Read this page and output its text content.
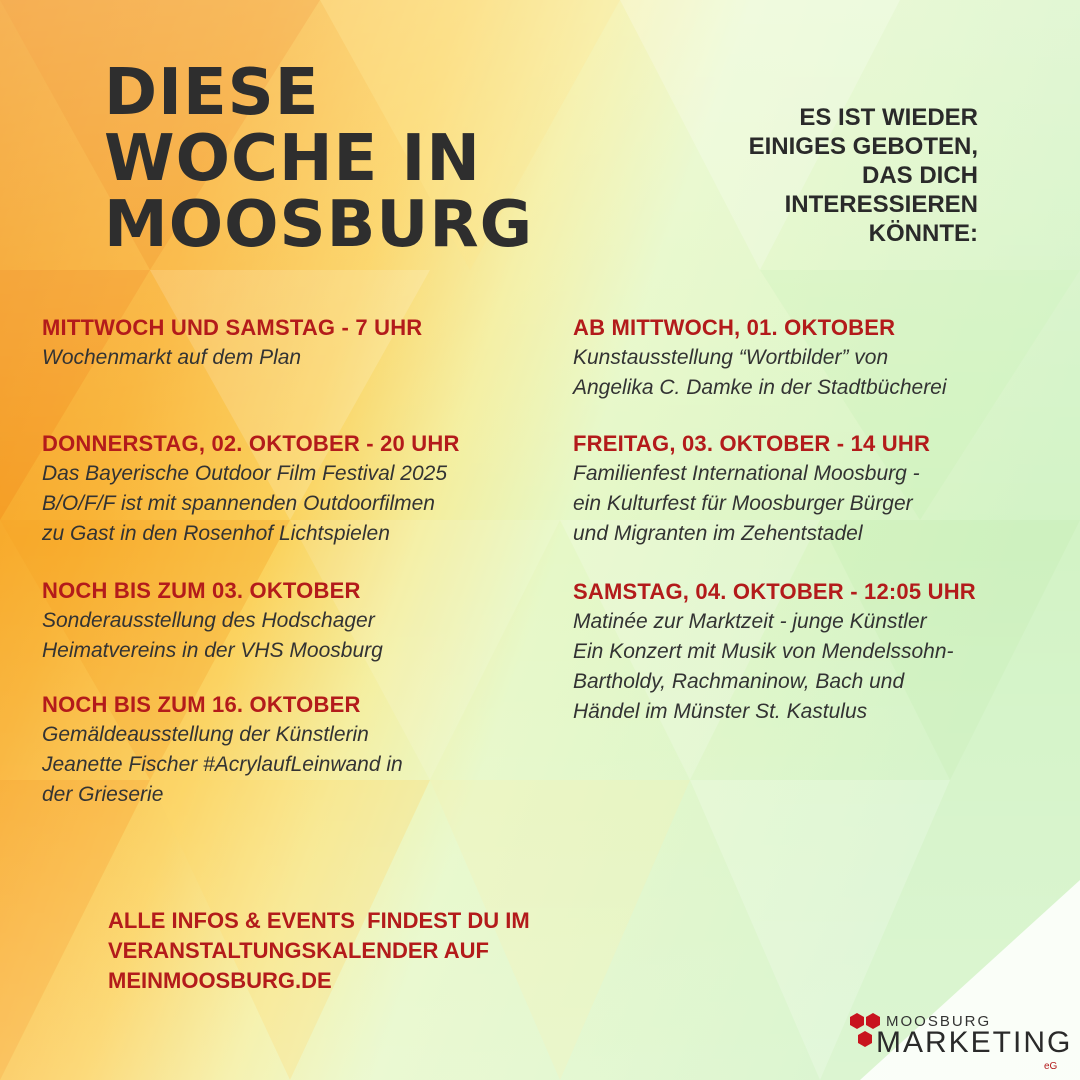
DIESE
WOCHE IN
MOOSBURG

ES IST WIEDER
EINIGES GEBOTEN,
DAS DICH
INTERESSIEREN
KÖNNTE:

MITTWOCH UND SAMSTAG - 7 UHR

Wochenmarkt auf dem Plan

DONNERSTAG, 02. OKTOBER - 20 UHR

Das Bayerische Outdoor Film Festival 2025
B/O/F/F ist mit spannenden Outdoorfilmen
zu Gast in den Rosenhof Lichtspielen

NOCH BIS ZUM 03. OKTOBER

Sonderausstellung des Hodschager
Heimatvereins in der VHS Moosburg

NOCH BIS ZUM 16. OKTOBER

Gemäldeausstellung der Künstlerin
Jeanette Fischer #AcrylaufLeinwand in
der Grieserie

AB MITTWOCH, 01. OKTOBER

Kunstausstellung “Wortbilder” von
Angelika C. Damke in der Stadtbücherei

FREITAG, 03. OKTOBER - 14 UHR

Familienfest International Moosburg -
ein Kulturfest für Moosburger Bürger
und Migranten im Zehentstadel

SAMSTAG, 04. OKTOBER - 12:05 UHR

Matinée zur Marktzeit - junge Künstler
Ein Konzert mit Musik von Mendelssohn-
Bartholdy, Rachmaninow, Bach und
Händel im Münster St. Kastulus

ALLE INFOS & EVENTS  FINDEST DU IM
VERANSTALTUNGSKALENDER AUF
MEINMOOSBURG.DE

MOOSBURG
MARKETING
eG
